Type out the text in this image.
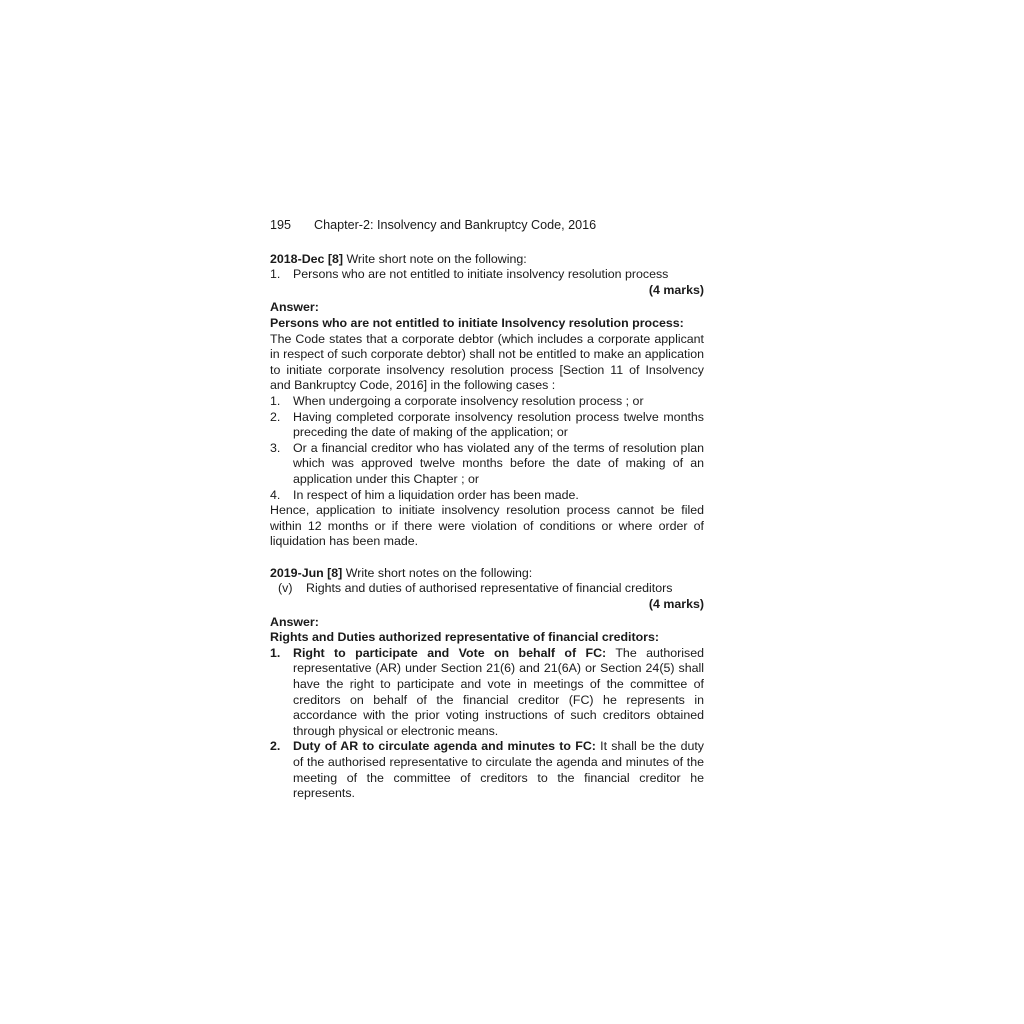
195 Chapter-2: Insolvency and Bankruptcy Code, 2016

2018-Dec [8] Write short note on the following:

1. Persons who are not entitled to initiate insolvency resolution process

(4 marks)

Answer:

Persons who are not entitled to initiate Insolvency resolution process:

The Code states that a corporate debtor (which includes a corporate applicant in respect of such corporate debtor) shall not be entitled to make an application to initiate corporate insolvency resolution process [Section 11 of Insolvency and Bankruptcy Code, 2016] in the following cases :

1. When undergoing a corporate insolvency resolution process ; or
2. Having completed corporate insolvency resolution process twelve months preceding the date of making of the application; or
3. Or a financial creditor who has violated any of the terms of resolution plan which was approved twelve months before the date of making of an application under this Chapter ; or
4. In respect of him a liquidation order has been made.

Hence, application to initiate insolvency resolution process cannot be filed within 12 months or if there were violation of conditions or where order of liquidation has been made.

2019-Jun [8] Write short notes on the following:

(v) Rights and duties of authorised representative of financial creditors

(4 marks)

Answer:

Rights and Duties authorized representative of financial creditors:

1. Right to participate and Vote on behalf of FC: The authorised representative (AR) under Section 21(6) and 21(6A) or Section 24(5) shall have the right to participate and vote in meetings of the committee of creditors on behalf of the financial creditor (FC) he represents in accordance with the prior voting instructions of such creditors obtained through physical or electronic means.
2. Duty of AR to circulate agenda and minutes to FC: It shall be the duty of the authorised representative to circulate the agenda and minutes of the meeting of the committee of creditors to the financial creditor he represents.
